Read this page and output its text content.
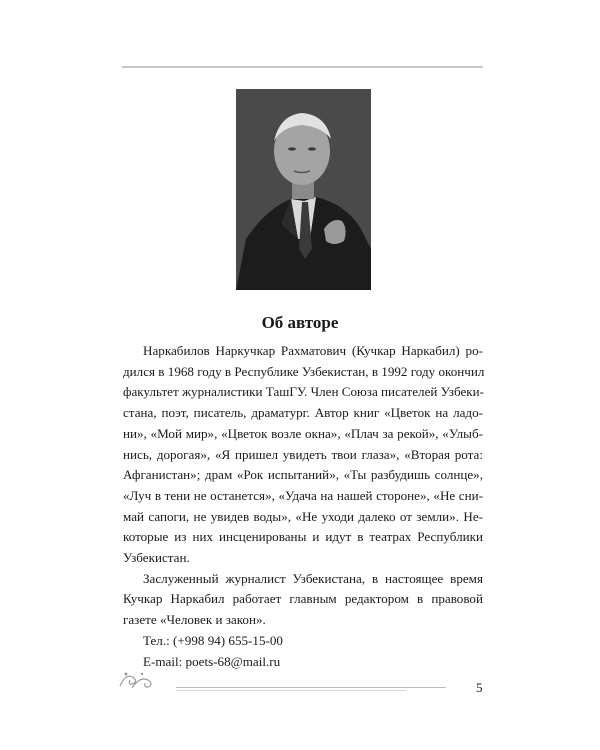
Об авторе
Наркабилов Наркучкар Рахматович (Кучкар Наркабил) ро-
дился в 1968 году в Республике Узбекистан, в 1992 году окончил
факультет журналистики ТашГУ. Член Союза писателей Узбеки-
стана, поэт, писатель, драматург. Автор книг «Цветок на ладо-
ни», «Мой мир», «Цветок возле окна», «Плач за рекой», «Улыб-
нись, дорогая», «Я пришел увидеть твои глаза», «Вторая рота:
Афганистан»; драм «Рок испытаний», «Ты разбудишь солнце»,
«Луч в тени не останется», «Удача на нашей стороне», «Не сни-
май сапоги, не увидев воды», «Не уходи далеко от земли». Не-
которые из них инсценированы и идут в театрах Республики
Узбекистан.
Заслуженный журналист Узбекистана, в настоящее время
Кучкар Наркабил работает главным редактором в правовой
газете «Человек и закон».
Тел.: (+998 94) 655-15-00
E-mail: poets-68@mail.ru
5
